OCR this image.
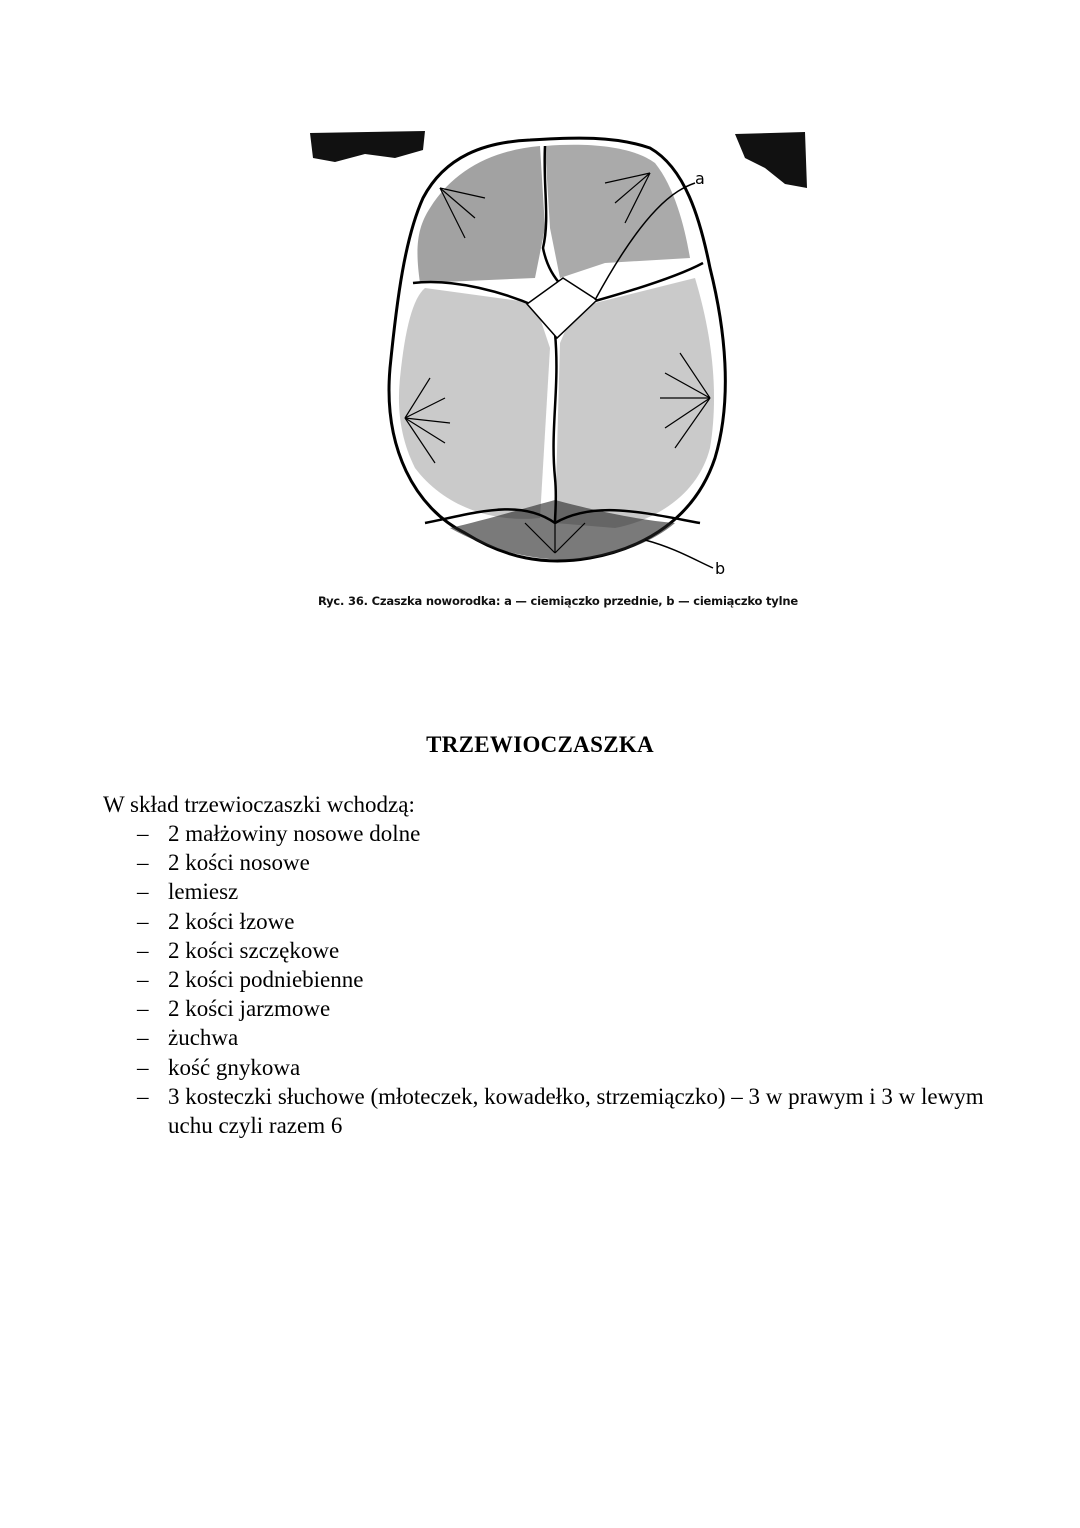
a
b
Ryc. 36. Czaszka noworodka: a — ciemiączko przednie, b — ciemiączko tylne
TRZEWIOCZASZKA
W skład trzewioczaszki wchodzą:
– 2 małżowiny nosowe dolne
– 2 kości nosowe
– lemiesz
– 2 kości łzowe
– 2 kości szczękowe
– 2 kości podniebienne
– 2 kości jarzmowe
– żuchwa
– kość gnykowa
– 3 kosteczki słuchowe (młoteczek, kowadełko, strzemiączko) – 3 w prawym i 3 w lewym uchu czyli razem 6
